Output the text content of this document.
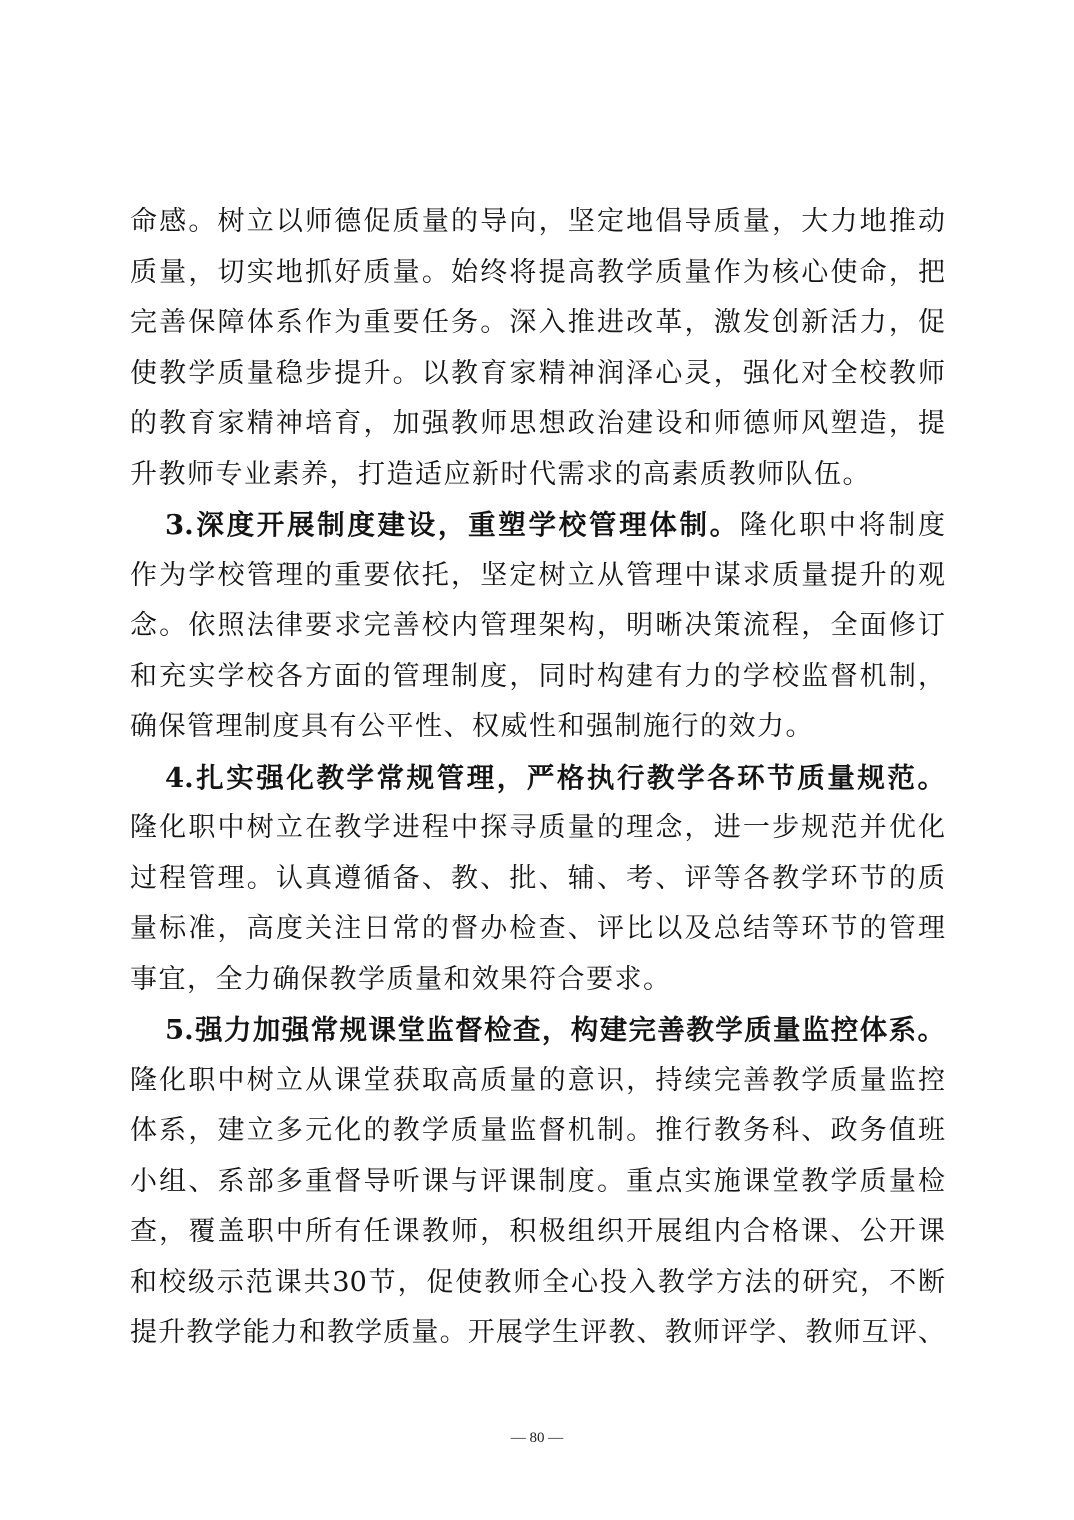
命感。树立以师德促质量的导向，坚定地倡导质量，大力地推动
质量，切实地抓好质量。始终将提高教学质量作为核心使命，把
完善保障体系作为重要任务。深入推进改革，激发创新活力，促
使教学质量稳步提升。以教育家精神润泽心灵，强化对全校教师
的教育家精神培育，加强教师思想政治建设和师德师风塑造，提
升教师专业素养，打造适应新时代需求的高素质教师队伍。
3.深度开展制度建设，重塑学校管理体制。隆化职中将制度
作为学校管理的重要依托，坚定树立从管理中谋求质量提升的观
念。依照法律要求完善校内管理架构，明晰决策流程，全面修订
和充实学校各方面的管理制度，同时构建有力的学校监督机制，
确保管理制度具有公平性、权威性和强制施行的效力。
4.扎实强化教学常规管理，严格执行教学各环节质量规范。
隆化职中树立在教学进程中探寻质量的理念，进一步规范并优化
过程管理。认真遵循备、教、批、辅、考、评等各教学环节的质
量标准，高度关注日常的督办检查、评比以及总结等环节的管理
事宜，全力确保教学质量和效果符合要求。
5.强力加强常规课堂监督检查，构建完善教学质量监控体系。
隆化职中树立从课堂获取高质量的意识，持续完善教学质量监控
体系，建立多元化的教学质量监督机制。推行教务科、政务值班
小组、系部多重督导听课与评课制度。重点实施课堂教学质量检
查，覆盖职中所有任课教师，积极组织开展组内合格课、公开课
和校级示范课共30节，促使教师全心投入教学方法的研究，不断
提升教学能力和教学质量。开展学生评教、教师评学、教师互评、
— 80 —
